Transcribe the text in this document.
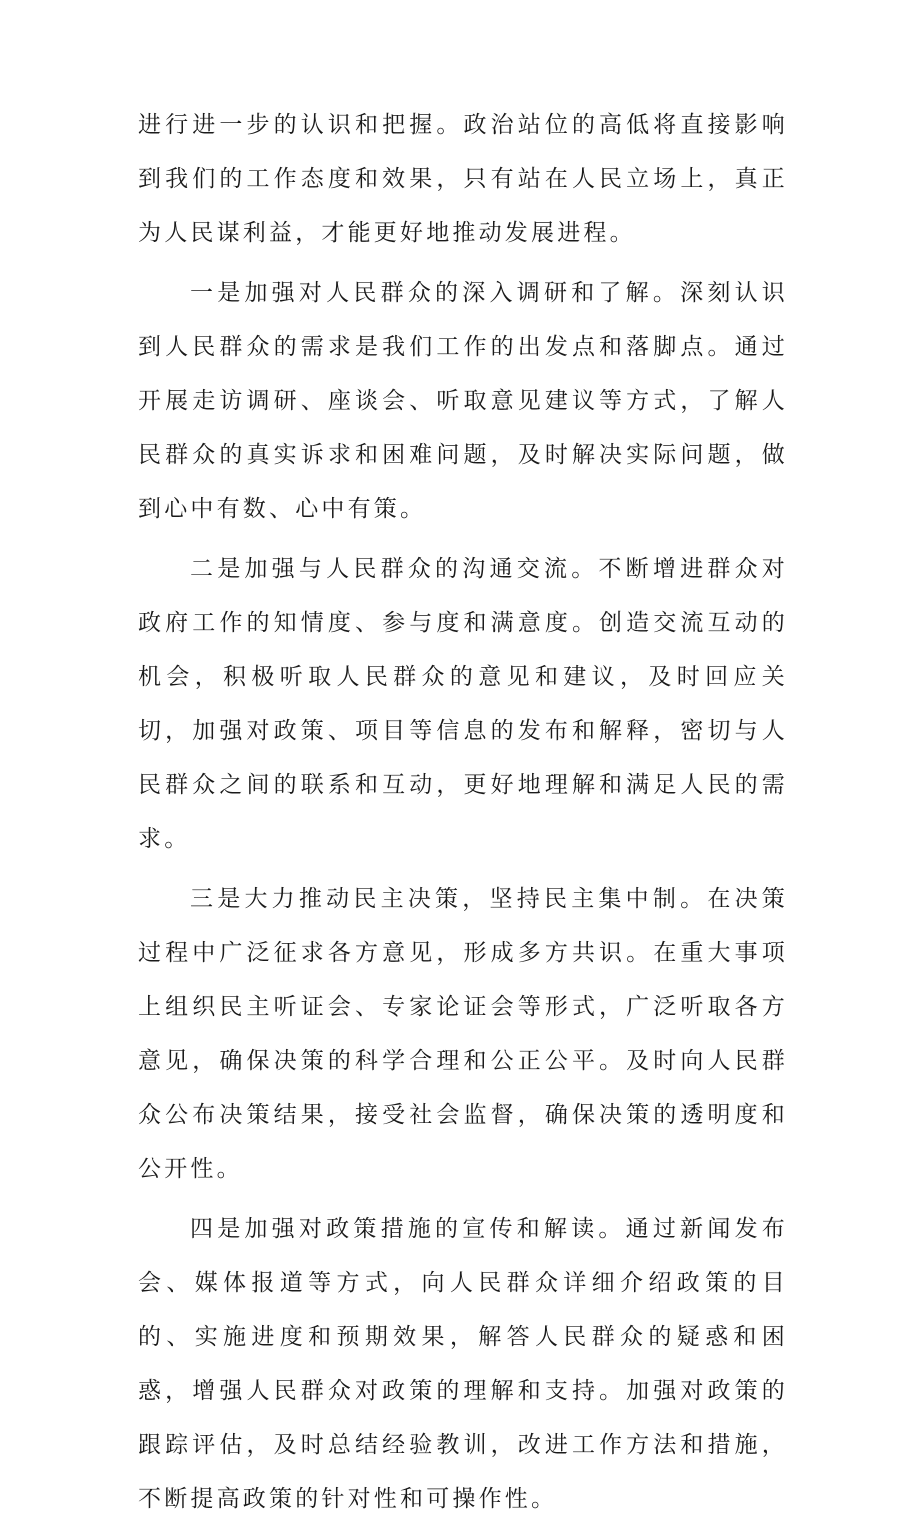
进行进一步的认识和把握。政治站位的高低将直接影响到我们的工作态度和效果，只有站在人民立场上，真正为人民谋利益，才能更好地推动发展进程。

一是加强对人民群众的深入调研和了解。深刻认识到人民群众的需求是我们工作的出发点和落脚点。通过开展走访调研、座谈会、听取意见建议等方式，了解人民群众的真实诉求和困难问题，及时解决实际问题，做到心中有数、心中有策。

二是加强与人民群众的沟通交流。不断增进群众对政府工作的知情度、参与度和满意度。创造交流互动的机会，积极听取人民群众的意见和建议，及时回应关切，加强对政策、项目等信息的发布和解释，密切与人民群众之间的联系和互动，更好地理解和满足人民的需求。

三是大力推动民主决策，坚持民主集中制。在决策过程中广泛征求各方意见，形成多方共识。在重大事项上组织民主听证会、专家论证会等形式，广泛听取各方意见，确保决策的科学合理和公正公平。及时向人民群众公布决策结果，接受社会监督，确保决策的透明度和公开性。

四是加强对政策措施的宣传和解读。通过新闻发布会、媒体报道等方式，向人民群众详细介绍政策的目的、实施进度和预期效果，解答人民群众的疑惑和困惑，增强人民群众对政策的理解和支持。加强对政策的跟踪评估，及时总结经验教训，改进工作方法和措施，不断提高政策的针对性和可操作性。
